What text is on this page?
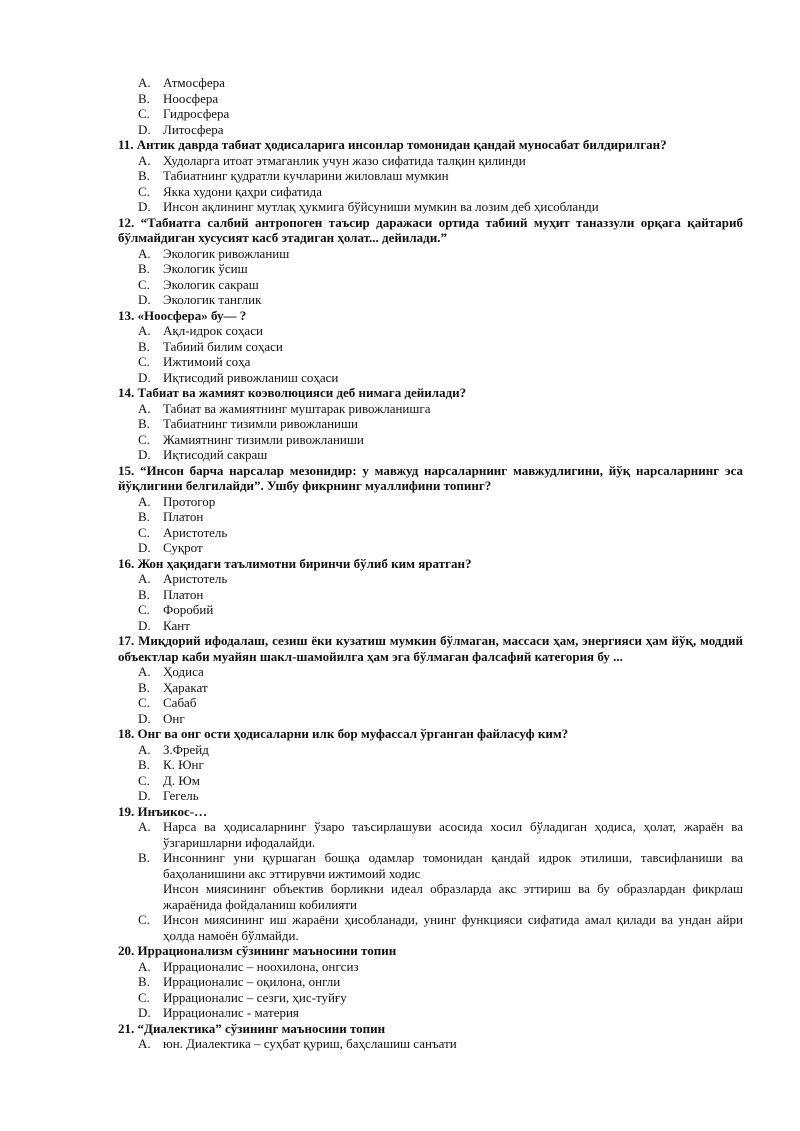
A. Атмосфера
B.	Ноосфера
C.	Гидросфера
D. Литосфера
11. Антик даврда табиат ҳодисаларига инсонлар томонидан қандай муносабат билдирилган?
A. Худоларга итоат этмаганлик учун жазо сифатида талқин қилинди
B.	Табиатнинг қудратли кучларини жиловлаш мумкин
C.	Якка худони қаҳри сифатида
D. Инсон ақлининг мутлақ ҳукмига бўйсуниши мумкин ва лозим деб ҳисобланди
12. “Табиатга салбий антропоген таъсир даражаси ортида табиий муҳит таназзули орқага қайтариб бўлмайдиган хусусият касб этадиган ҳолат... дейилади.”
A. Экологик ривожланиш
B.	Экологик ўсиш
C.	Экологик сакраш
D. Экологик танглик
13. «Ноосфера» бу— ?
A. Ақл-идрок соҳаси
B.	Табиий билим соҳаси
C.	Ижтимоий соҳа
D. Иқтисодий ривожланиш соҳаси
14. Табиат ва жамият коэволюцияси деб нимага дейилади?
A. Табиат ва жамиятнинг муштарак ривожланишга
B.	Табиатнинг тизимли ривожланиши
C.	Жамиятнинг тизимли ривожланиши
D. Иқтисодий сакраш
15. “Инсон барча нарсалар мезонидир: у мавжуд нарсаларнинг мавжудлигини, йўқ нарсаларнинг эса йўқлигини белгилайди”. Ушбу фикрнинг муаллифини топинг?
A. Протогор
B.	Платон
C.	Аристотель
D. Суқрот
16. Жон ҳақидаги таълимотни биринчи бўлиб ким яратган?
A. Аристотель
B.	Платон
C.	Форобий
D. Кант
17. Миқдорий ифодалаш, сезиш ёки кузатиш мумкин бўлмаган, массаси ҳам, энергияси ҳам йўқ, моддий объектлар каби муайян шакл-шамойилга ҳам эга бўлмаган фалсафий категория бу ...
A. Ҳодиса
B.	Ҳаракат
C.	Сабаб
D. Онг
18. Онг ва онг ости ҳодисаларни илк бор муфассал ўрганган файласуф ким?
A. З.Фрейд
B.	К. Юнг
C.	Д. Юм
D. Гегель
19. Инъикос-…
A. Нарса ва ҳодисаларнинг ўзаро таъсирлашуви асосида хосил бўладиган ҳодиса, ҳолат, жараён ва ўзгаришларни ифодалайди.
B.	Инсоннинг уни қуршаган бошқа одамлар томонидан қандай идрок этилиши, тавсифланиши ва баҳоланишини акс эттирувчи ижтимоий ходис
Инсон миясининг объектив борликни идеал образларда акс эттириш ва бу образлардан фикрлаш жараёнида фойдаланиш кобилияти
C.	Инсон миясининг иш жараёни ҳисобланади, унинг функцияси сифатида амал қилади ва ундан айри ҳолда намоён бўлмайди.
20. Иррационализм сўзининг маъносини топин
A. Иррационалис – ноохилона, онгсиз
B.	Иррационалис – оқилона, онгли
C.	Иррационалис – сезги, ҳис-туйғу
D. Иррационалис - материя
21. “Диалектика” сўзининг маъносини топин
A. юн. Диалектика – суҳбат қуриш, баҳслашиш санъати
